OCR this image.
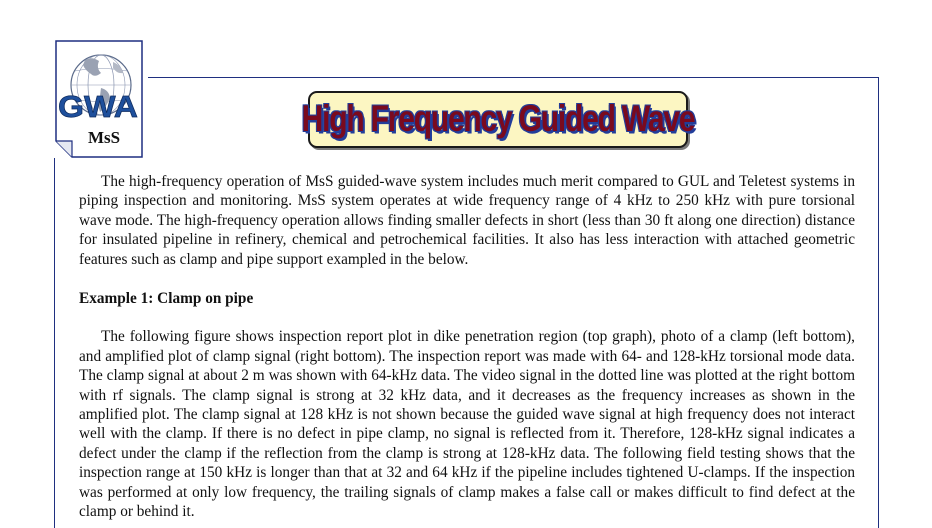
GWA
MsS	High Frequency Guided Wave

The high-frequency operation of MsS guided-wave system includes much merit compared to GUL and Teletest systems in piping inspection and monitoring. MsS system operates at wide frequency range of 4 kHz to 250 kHz with pure torsional wave mode. The high-frequency operation allows finding smaller defects in short (less than 30 ft along one direction) distance for insulated pipeline in refinery, chemical and petrochemical facilities. It also has less interaction with attached geometric features such as clamp and pipe support exampled in the below.

Example 1: Clamp on pipe

The following figure shows inspection report plot in dike penetration region (top graph), photo of a clamp (left bottom), and amplified plot of clamp signal (right bottom). The inspection report was made with 64- and 128-kHz torsional mode data. The clamp signal at about 2 m was shown with 64-kHz data. The video signal in the dotted line was plotted at the right bottom with rf signals. The clamp signal is strong at 32 kHz data, and it decreases as the frequency increases as shown in the amplified plot. The clamp signal at 128 kHz is not shown because the guided wave signal at high frequency does not interact well with the clamp. If there is no defect in pipe clamp, no signal is reflected from it. Therefore, 128-kHz signal indicates a defect under the clamp if the reflection from the clamp is strong at 128-kHz data. The following field testing shows that the inspection range at 150 kHz is longer than that at 32 and 64 kHz if the pipeline includes tightened U-clamps. If the inspection was performed at only low frequency, the trailing signals of clamp makes a false call or makes difficult to find defect at the clamp or behind it.
